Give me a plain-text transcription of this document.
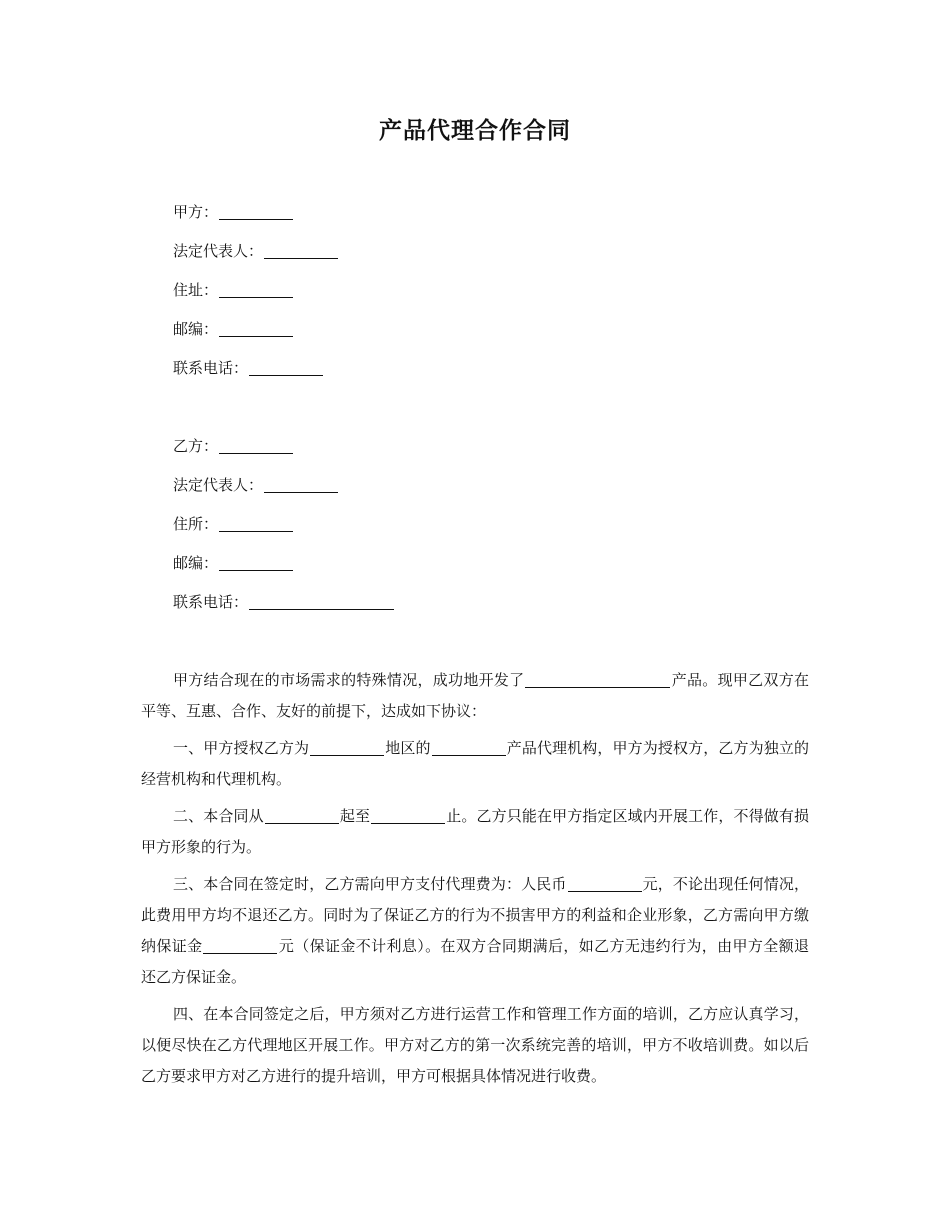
产品代理合作合同
甲方：
法定代表人：
住址：
邮编：
联系电话：
乙方：
法定代表人：
住所：
邮编：
联系电话：

甲方结合现在的市场需求的特殊情况，成功地开发了	产品。现甲乙双方在平等、互惠、合作、友好的前提下，达成如下协议：

一、甲方授权乙方为	地区的	产品代理机构，甲方为授权方，乙方为独立的经营机构和代理机构。

二、本合同从	起至	止。乙方只能在甲方指定区域内开展工作，不得做有损甲方形象的行为。

三、本合同在签定时，乙方需向甲方支付代理费为：人民币	元，不论出现任何情况，此费用甲方均不退还乙方。同时为了保证乙方的行为不损害甲方的利益和企业形象，乙方需向甲方缴纳保证金	元（保证金不计利息）。在双方合同期满后，如乙方无违约行为，由甲方全额退还乙方保证金。

四、在本合同签定之后，甲方须对乙方进行运营工作和管理工作方面的培训，乙方应认真学习，以便尽快在乙方代理地区开展工作。甲方对乙方的第一次系统完善的培训，甲方不收培训费。如以后乙方要求甲方对乙方进行的提升培训，甲方可根据具体情况进行收费。
